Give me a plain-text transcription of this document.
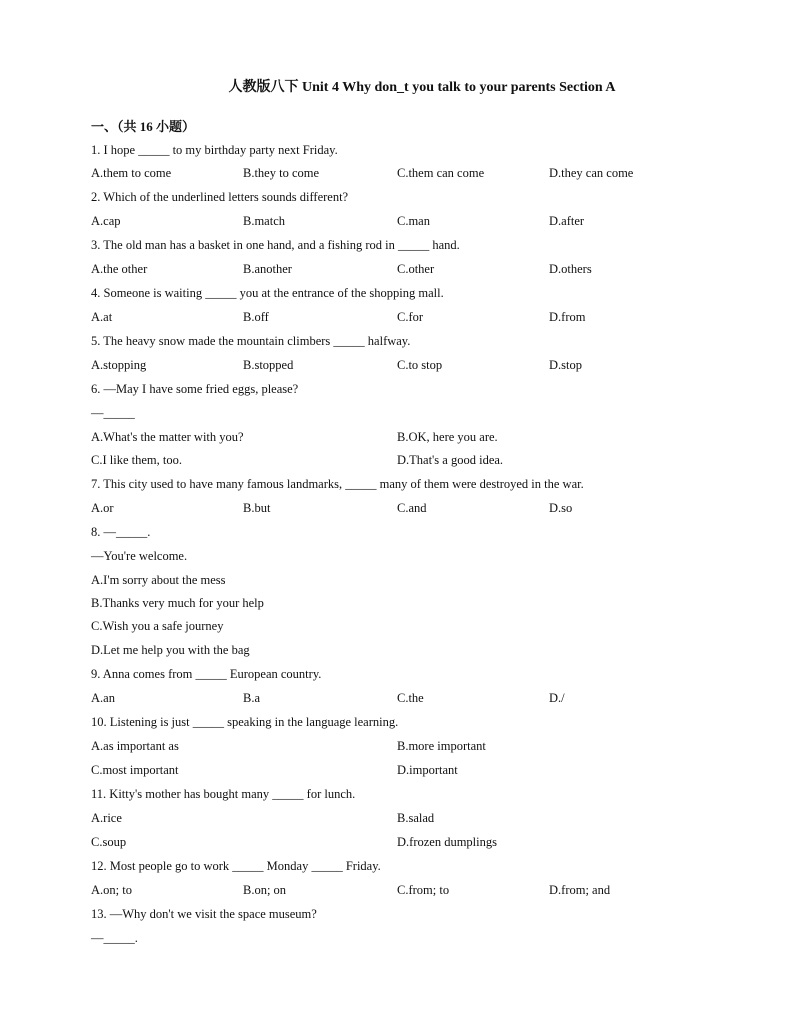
人教版八下 Unit 4 Why don_t you talk to your parents Section A
一、（共 16 小题）
1. I hope _____ to my birthday party next Friday.
A.them to come	B.they to come	C.them can come	D.they can come
2. Which of the underlined letters sounds different?
A.cap	B.match	C.man	D.after
3. The old man has a basket in one hand, and a fishing rod in _____ hand.
A.the other	B.another	C.other	D.others
4. Someone is waiting _____ you at the entrance of the shopping mall.
A.at	B.off	C.for	D.from
5. The heavy snow made the mountain climbers _____ halfway.
A.stopping	B.stopped	C.to stop	D.stop
6. —May I have some fried eggs, please?
—_____
A.What's the matter with you?	B.OK, here you are.
C.I like them, too.	D.That's a good idea.
7. This city used to have many famous landmarks, _____ many of them were destroyed in the war.
A.or	B.but	C.and	D.so
8. —_____.
—You're welcome.
A.I'm sorry about the mess
B.Thanks very much for your help
C.Wish you a safe journey
D.Let me help you with the bag
9. Anna comes from _____ European country.
A.an	B.a	C.the	D./
10. Listening is just _____ speaking in the language learning.
A.as important as	B.more important
C.most important	D.important
11. Kitty's mother has bought many _____ for lunch.
A.rice	B.salad
C.soup	D.frozen dumplings
12. Most people go to work _____ Monday _____ Friday.
A.on; to	B.on; on	C.from; to	D.from; and
13. —Why don't we visit the space museum?
—_____.
